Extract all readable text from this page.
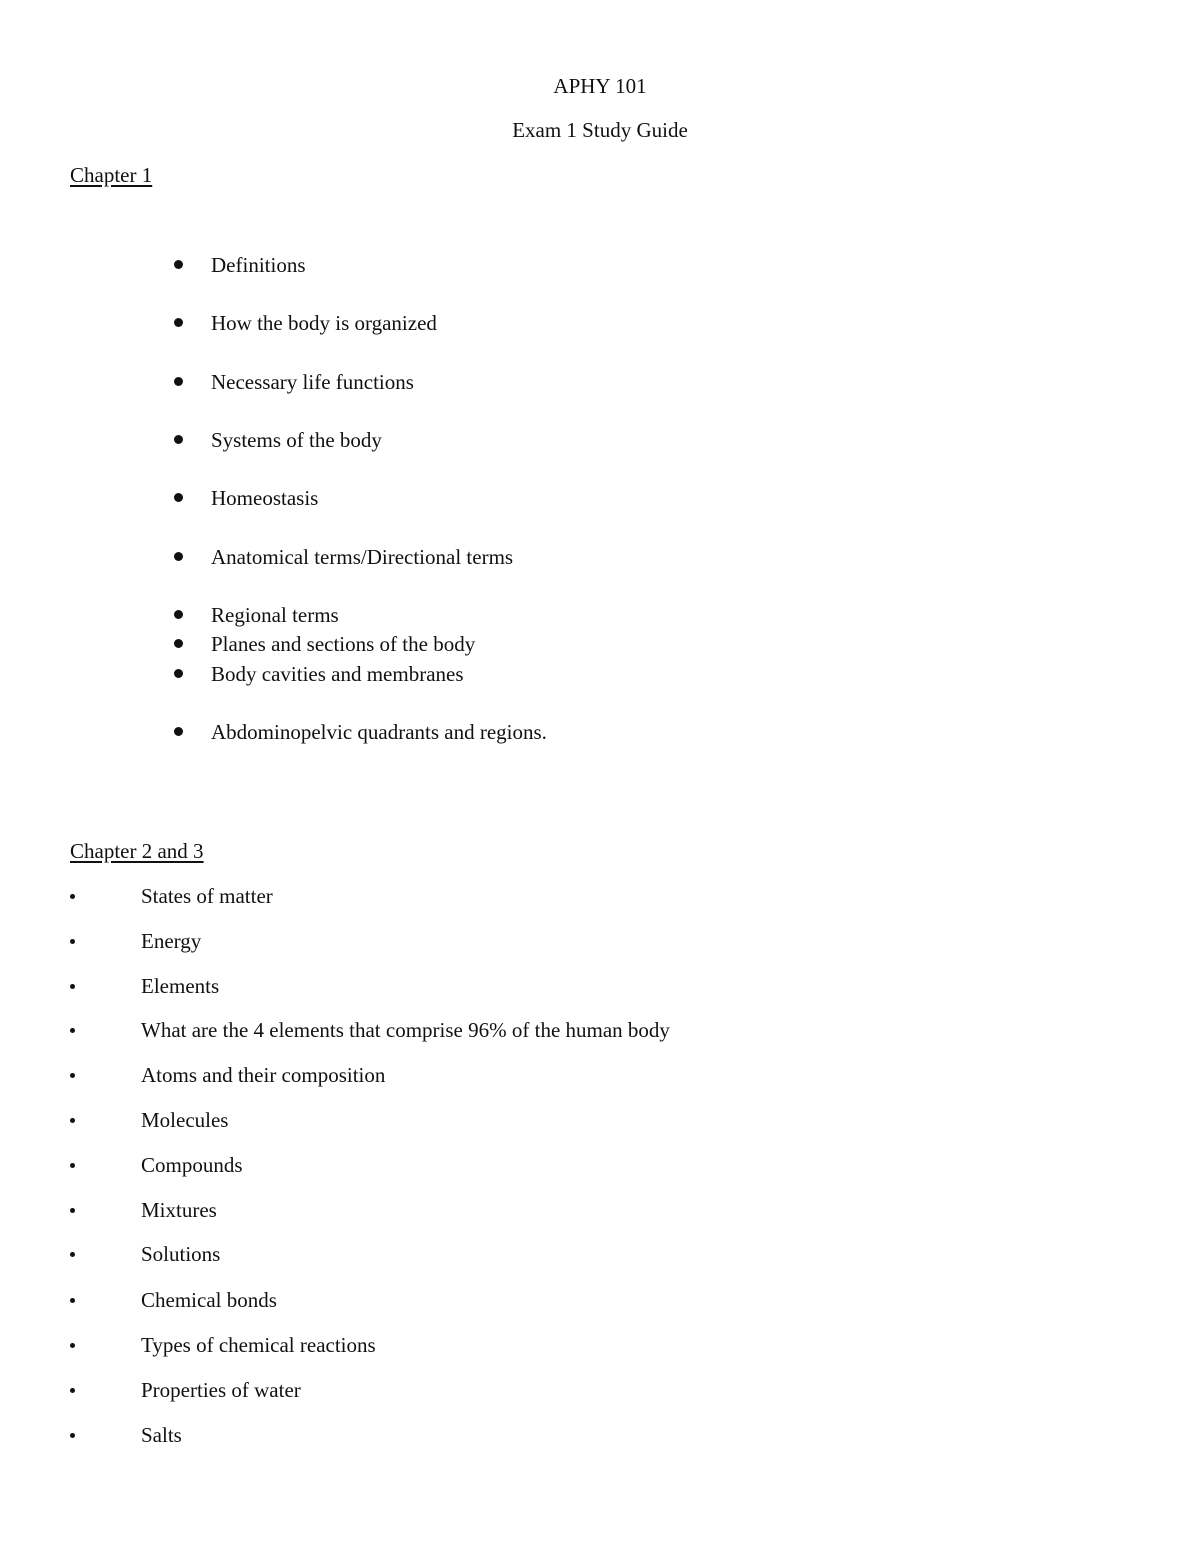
APHY 101
Exam 1 Study Guide
Chapter 1
Definitions
How the body is organized
Necessary life functions
Systems of the body
Homeostasis
Anatomical terms/Directional terms
Regional terms
Planes and sections of the body
Body cavities and membranes
Abdominopelvic quadrants and regions.
Chapter 2 and 3
States of matter
Energy
Elements
What are the 4 elements that comprise 96% of the human body
Atoms and their composition
Molecules
Compounds
Mixtures
Solutions
Chemical bonds
Types of chemical reactions
Properties of water
Salts
